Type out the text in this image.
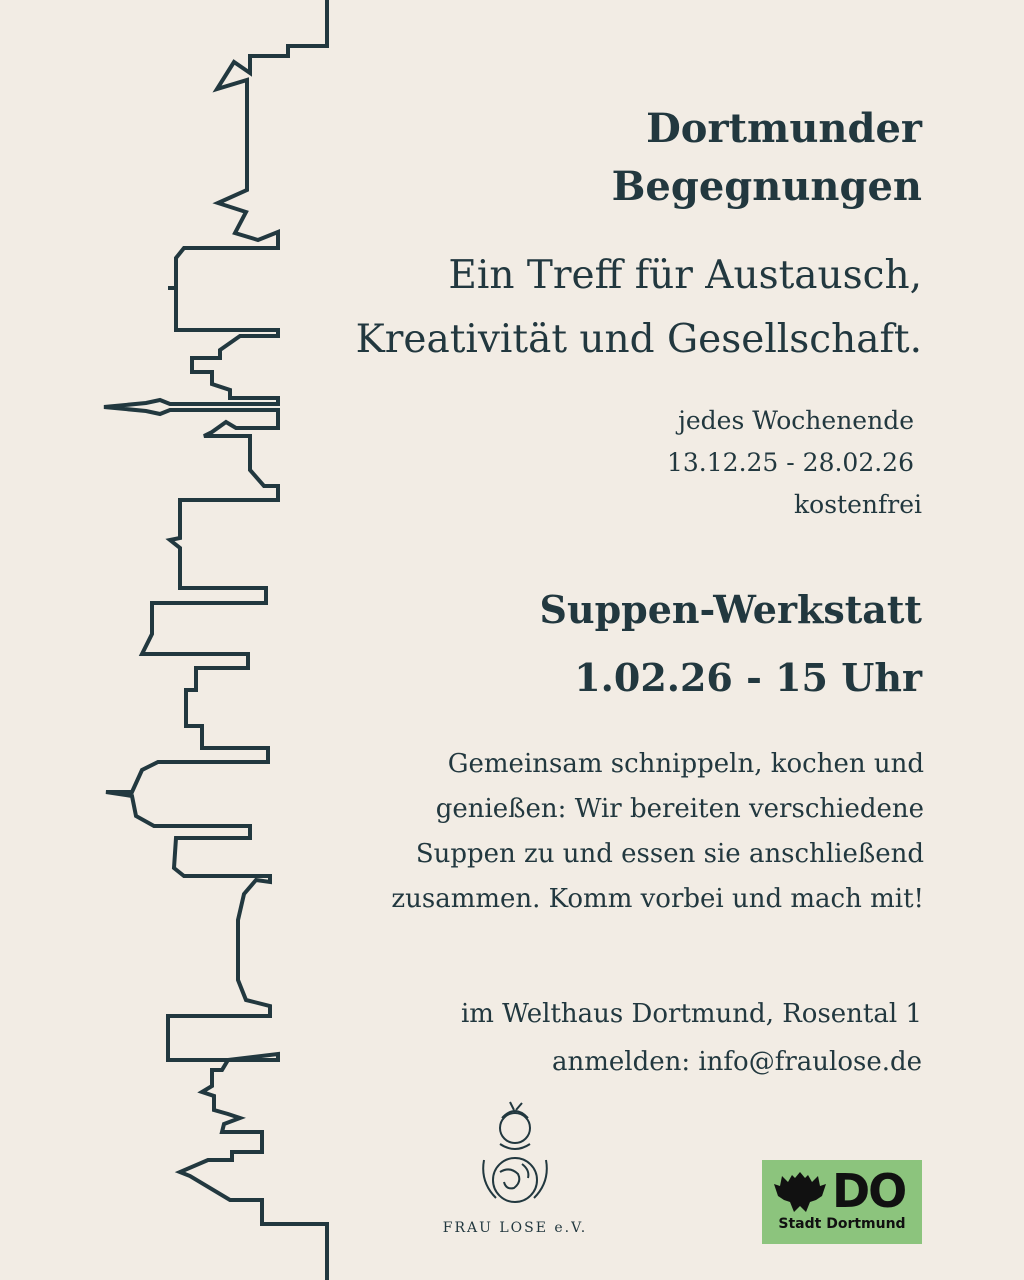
Dortmunder
Begegnungen
Ein Treff für Austausch,
Kreativität und Gesellschaft.
jedes Wochenende
13.12.25 - 28.02.26
kostenfrei
Suppen-Werkstatt
1.02.26 - 15 Uhr
Gemeinsam schnippeln, kochen und
genießen: Wir bereiten verschiedene
Suppen zu und essen sie anschließend
zusammen. Komm vorbei und mach mit!
im Welthaus Dortmund, Rosental 1
anmelden: info@fraulose.de
FRAU LOSE e.V.
DO
Stadt Dortmund
